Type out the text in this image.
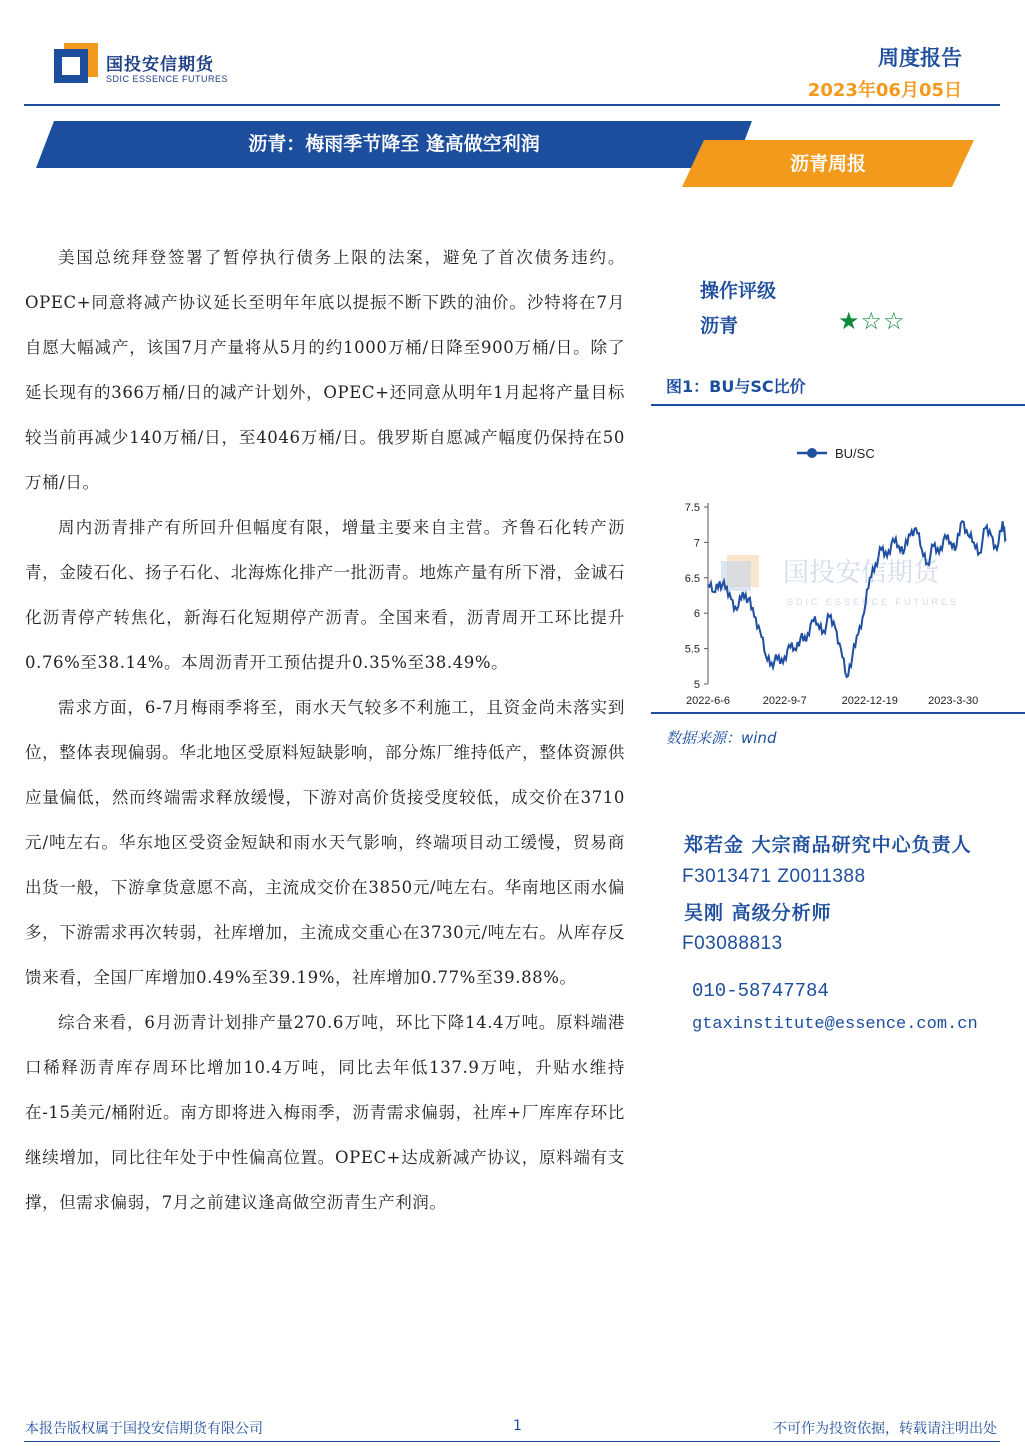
国投安信期货
SDIC ESSENCE FUTURES
周度报告
2023年06月05日
沥青：梅雨季节降至 逢高做空利润
沥青周报

美国总统拜登签署了暂停执行债务上限的法案，避免了首次债务违约。OPEC+同意将减产协议延长至明年年底以提振不断下跌的油价。沙特将在7月自愿大幅减产，该国7月产量将从5月的约1000万桶/日降至900万桶/日。除了延长现有的366万桶/日的减产计划外，OPEC+还同意从明年1月起将产量目标较当前再减少140万桶/日，至4046万桶/日。俄罗斯自愿减产幅度仍保持在50万桶/日。

周内沥青排产有所回升但幅度有限，增量主要来自主营。齐鲁石化转产沥青，金陵石化、扬子石化、北海炼化排产一批沥青。地炼产量有所下滑，金诚石化沥青停产转焦化，新海石化短期停产沥青。全国来看，沥青周开工环比提升0.76%至38.14%。本周沥青开工预估提升0.35%至38.49%。

需求方面，6-7月梅雨季将至，雨水天气较多不利施工，且资金尚未落实到位，整体表现偏弱。华北地区受原料短缺影响，部分炼厂维持低产，整体资源供应量偏低，然而终端需求释放缓慢，下游对高价货接受度较低，成交价在3710元/吨左右。华东地区受资金短缺和雨水天气影响，终端项目动工缓慢，贸易商出货一般，下游拿货意愿不高，主流成交价在3850元/吨左右。华南地区雨水偏多，下游需求再次转弱，社库增加，主流成交重心在3730元/吨左右。从库存反馈来看，全国厂库增加0.49%至39.19%，社库增加0.77%至39.88%。

综合来看，6月沥青计划排产量270.6万吨，环比下降14.4万吨。原料端港口稀释沥青库存周环比增加10.4万吨，同比去年低137.9万吨，升贴水维持在-15美元/桶附近。南方即将进入梅雨季，沥青需求偏弱，社库+厂库库存环比继续增加，同比往年处于中性偏高位置。OPEC+达成新减产协议，原料端有支撑，但需求偏弱，7月之前建议逢高做空沥青生产利润。

操作评级
沥青	★☆☆
图1：BU与SC比价
国投安信期货
SDIC ESSENCE FUTURES
BU/SC
5
5.5
6
6.5
7
7.5
2022-6-6	2022-9-7	2022-12-19	2023-3-30
数据来源：wind
郑若金 大宗商品研究中心负责人
F3013471 Z0011388
吴刚 高级分析师
F03088813
010-58747784
gtaxinstitute@essence.com.cn
本报告版权属于国投安信期货有限公司	1	不可作为投资依据，转载请注明出处
